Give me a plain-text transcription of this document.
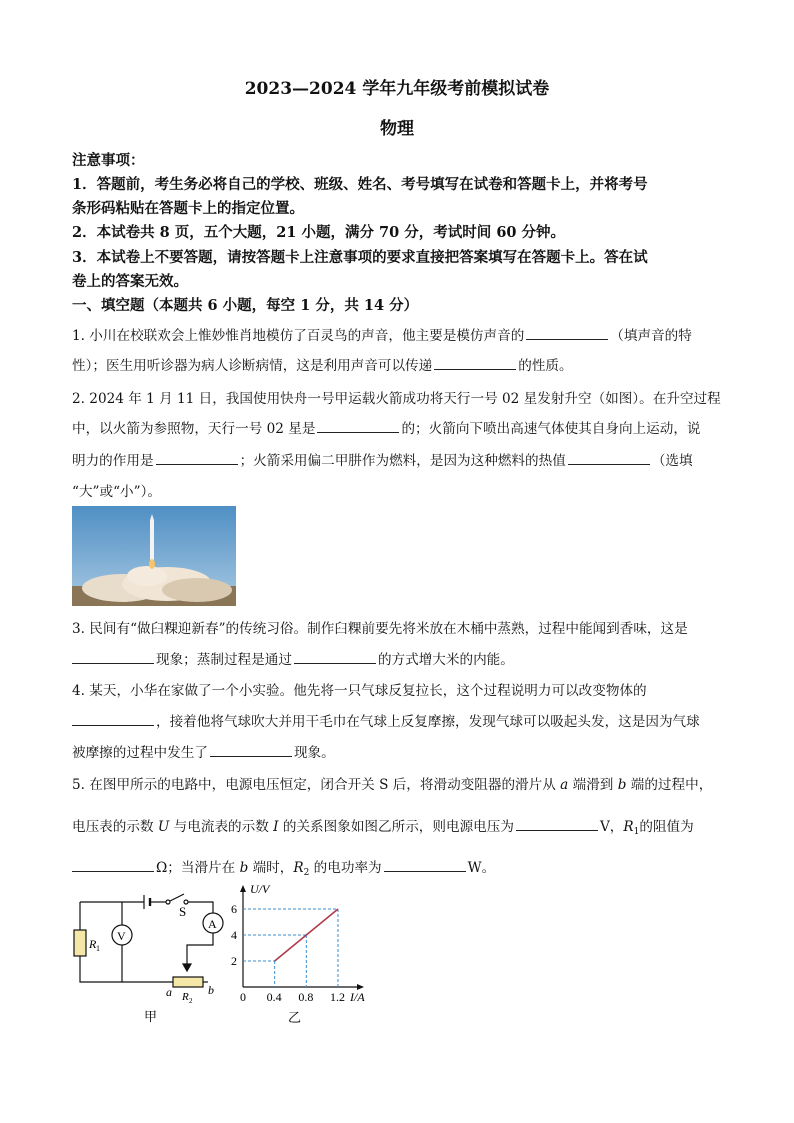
2023—2024 学年九年级考前模拟试卷
物理
注意事项：
1．答题前，考生务必将自己的学校、班级、姓名、考号填写在试卷和答题卡上，并将考号
条形码粘贴在答题卡上的指定位置。
2．本试卷共 8 页，五个大题，21 小题，满分 70 分，考试时间 60 分钟。
3．本试卷上不要答题，请按答题卡上注意事项的要求直接把答案填写在答题卡上。答在试
卷上的答案无效。
一、填空题（本题共 6 小题，每空 1 分，共 14 分）
1. 小川在校联欢会上惟妙惟肖地模仿了百灵鸟的声音，他主要是模仿声音的	（填声音的特
性）；医生用听诊器为病人诊断病情，这是利用声音可以传递	的性质。
2. 2024 年 1 月 11 日，我国使用快舟一号甲运载火箭成功将天行一号 02 星发射升空（如图）。在升空过程
中，以火箭为参照物，天行一号 02 星是	的；火箭向下喷出高速气体使其自身向上运动，说
明力的作用是	；火箭采用偏二甲肼作为燃料，是因为这种燃料的热值	（选填
“大”或“小”）。
3. 民间有“做臼粿迎新春”的传统习俗。制作臼粿前要先将米放在木桶中蒸熟，过程中能闻到香味，这是
现象；蒸制过程是通过	的方式增大米的内能。
4. 某天，小华在家做了一个小实验。他先将一只气球反复拉长，这个过程说明力可以改变物体的
，接着他将气球吹大并用干毛巾在气球上反复摩擦，发现气球可以吸起头发，这是因为气球
被摩擦的过程中发生了	现象。
5. 在图甲所示的电路中，电源电压恒定，闭合开关 S 后，将滑动变阻器的滑片从 a 端滑到 b 端的过程中，
电压表的示数 U 与电流表的示数 I 的关系图象如图乙所示，则电源电压为	V，$R_1$的阻值为
Ω；当滑片在 b 端时，$R_2$ 的电功率为	W。
S
A
V
R 1
a	b
R 2
甲
0 0.4 0.8 1.2
2
4
6
I/A
U/V
乙
